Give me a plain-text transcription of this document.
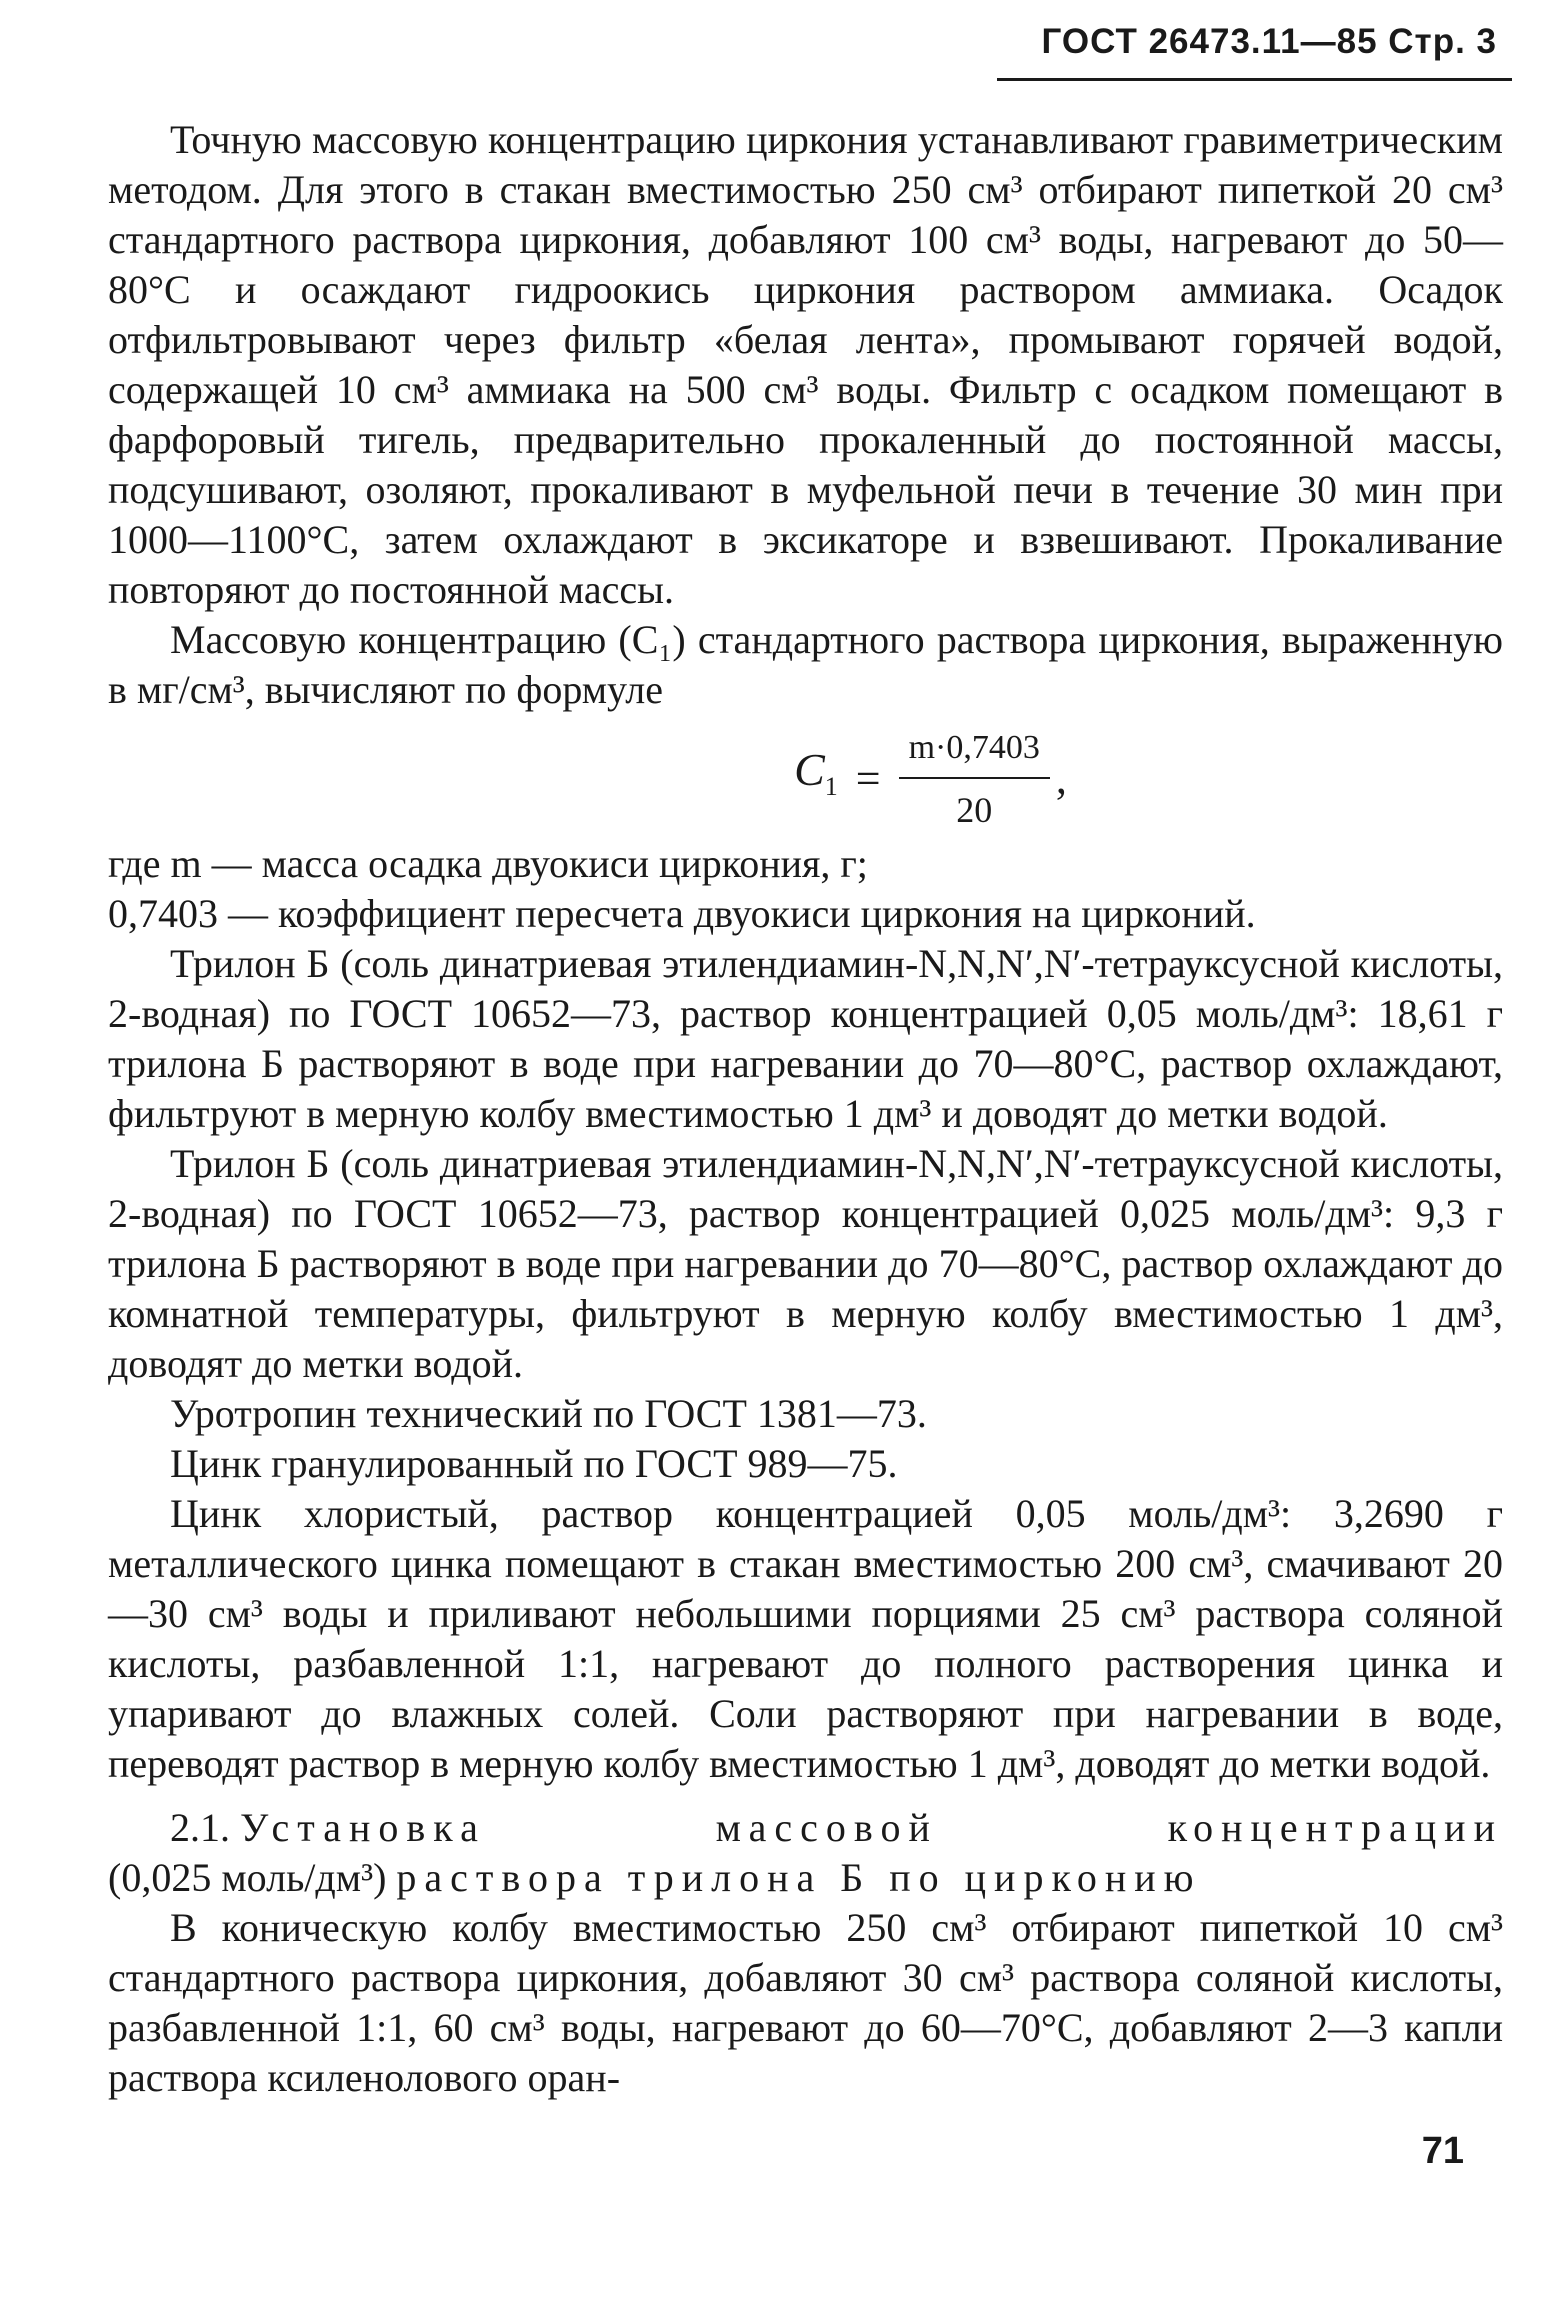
ГОСТ 26473.11—85 Стр. 3

Точную массовую концентрацию циркония устанавливают гравиметрическим методом. Для этого в стакан вместимостью 250 см³ отбирают пипеткой 20 см³ стандартного раствора циркония, добавляют 100 см³ воды, нагревают до 50—80°С и осаждают гидроокись циркония раствором аммиака. Осадок отфильтровывают через фильтр «белая лента», промывают горячей водой, содержащей 10 см³ аммиака на 500 см³ воды. Фильтр с осадком помещают в фарфоровый тигель, предварительно прокаленный до постоянной массы, подсушивают, озоляют, прокаливают в муфельной печи в течение 30 мин при 1000—1100°С, затем охлаждают в эксикаторе и взвешивают. Прокаливание повторяют до постоянной массы.

Массовую концентрацию (C₁) стандартного раствора циркония, выраженную в мг/см³, вычисляют по формуле

$C_1 = \frac{m\cdot 0,7403}{20}$ ,

где m — масса осадка двуокиси циркония, г;

0,7403 — коэффициент пересчета двуокиси циркония на цирконий.

Трилон Б (соль динатриевая этилендиамин-N,N,N′,N′-тетрауксусной кислоты, 2-водная) по ГОСТ 10652—73, раствор концентрацией 0,05 моль/дм³: 18,61 г трилона Б растворяют в воде при нагревании до 70—80°С, раствор охлаждают, фильтруют в мерную колбу вместимостью 1 дм³ и доводят до метки водой.

Трилон Б (соль динатриевая этилендиамин-N,N,N′,N′-тетрауксусной кислоты, 2-водная) по ГОСТ 10652—73, раствор концентрацией 0,025 моль/дм³: 9,3 г трилона Б растворяют в воде при нагревании до 70—80°С, раствор охлаждают до комнатной температуры, фильтруют в мерную колбу вместимостью 1 дм³, доводят до метки водой.

Уротропин технический по ГОСТ 1381—73.

Цинк гранулированный по ГОСТ 989—75.

Цинк хлористый, раствор концентрацией 0,05 моль/дм³: 3,2690 г металлического цинка помещают в стакан вместимостью 200 см³, смачивают 20—30 см³ воды и приливают небольшими порциями 25 см³ раствора соляной кислоты, разбавленной 1:1, нагревают до полного растворения цинка и упаривают до влажных солей. Соли растворяют при нагревании в воде, переводят раствор в мерную колбу вместимостью 1 дм³, доводят до метки водой.

2.1. Установка	массовой	концентрации
(0,025 моль/дм³) раствора трилона Б по цирконию

В коническую колбу вместимостью 250 см³ отбирают пипеткой 10 см³ стандартного раствора циркония, добавляют 30 см³ раствора соляной кислоты, разбавленной 1:1, 60 см³ воды, нагревают до 60—70°С, добавляют 2—3 капли раствора ксиленолового оран-

71
